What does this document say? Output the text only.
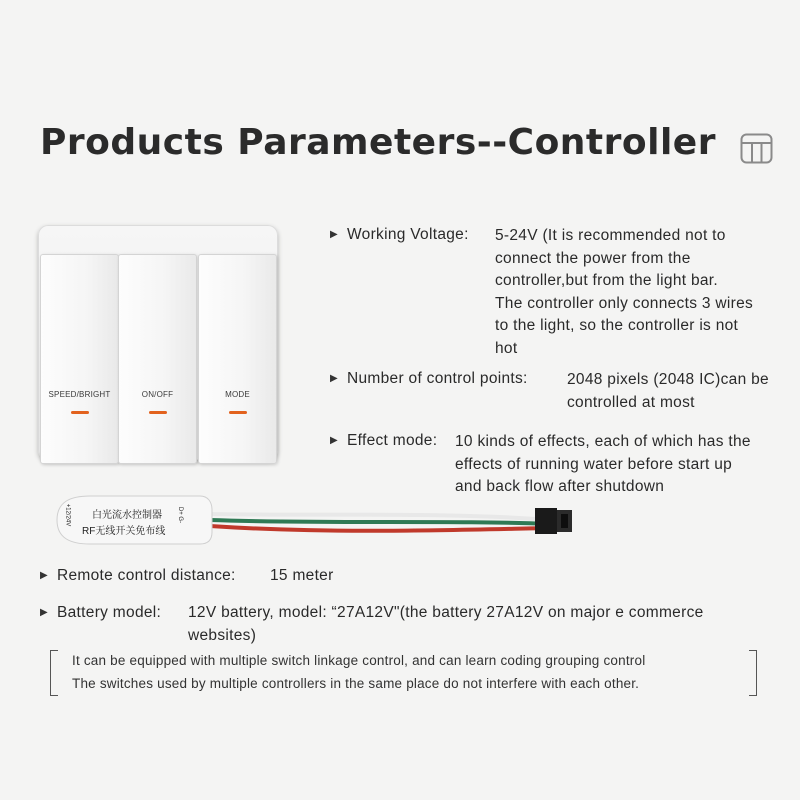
Products Parameters--Controller
SPEED/BRIGHT	ON/OFF	MODE
白光流水控制器
RF无线开关免布线
+12/24V	D+ G-
▶ Working Voltage: 5-24V (It is recommended not to
connect the power from the
controller,but from the light bar.
The controller only connects 3 wires
to the light, so the controller is not
hot
▶ Number of control points:	2048 pixels (2048 IC)can be
controlled at most
▶ Effect mode: 10 kinds of effects, each of which has the
effects of running water before start up
and back flow after shutdown
▶ Remote control distance: 15 meter
▶ Battery model: 12V battery, model: “27A12V"(the battery 27A12V on major e commerce
websites)
It can be equipped with multiple switch linkage control, and can learn coding grouping control
The switches used by multiple controllers in the same place do not interfere with each other.
